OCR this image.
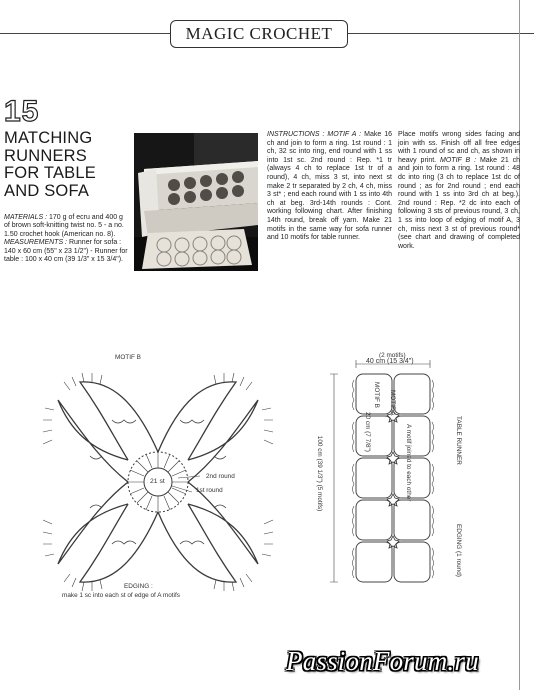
MAGIC CROCHET
15
MATCHING
RUNNERS
FOR TABLE
AND SOFA
MATERIALS : 170 g of ecru and 400 g of brown soft-knitting twist no. 5 - a no. 1.50 crochet hook (American no. 8).
MEASUREMENTS : Runner for sofa : 140 x 60 cm (55" x 23 1/2") - Runner for table : 100 x 40 cm (39 1/3" x 15 3/4").
INSTRUCTIONS : MOTIF A : Make 16 ch and join to form a ring. 1st round : 1 ch, 32 sc into ring, end round with 1 ss into 1st sc. 2nd round : Rep. *1 tr (always 4 ch to replace 1st tr of a round), 4 ch, miss 3 st, into next st make 2 tr separated by 2 ch, 4 ch, miss 3 st* ; end each round with 1 ss into 4th ch at beg. 3rd-14th rounds : Cont. working following chart. After finishing 14th round, break off yarn. Make 21 motifs in the same way for sofa runner and 10 motifs for table runner.
Place motifs wrong sides facing and join with ss. Finish off all free edges with 1 round of sc and ch, as shown in heavy print. MOTIF B : Make 21 ch and join to form a ring. 1st round : 48 dc into ring (3 ch to replace 1st dc of round ; as for 2nd round ; end each round with 1 ss into 3rd ch at beg.). 2nd round : Rep. *2 dc into each of following 3 sts of previous round, 3 ch, 1 ss into loop of edging of motif A, 3 ch, miss next 3 st of previous round* (see chart and drawing of completed work.
MOTIF B
21 st
2nd round
1st round
EDGING :
make 1 sc into each st of edge of A motifs
(2 motifs)
40 cm (15 3/4")
100 cm (39 1/3") (5 motifs)
MOTIF A
MOTIF B
20 cm (7 7/8")	A motif joined to each other	TABLE RUNNER
EDGING (1 round)
PassionForum.ru
